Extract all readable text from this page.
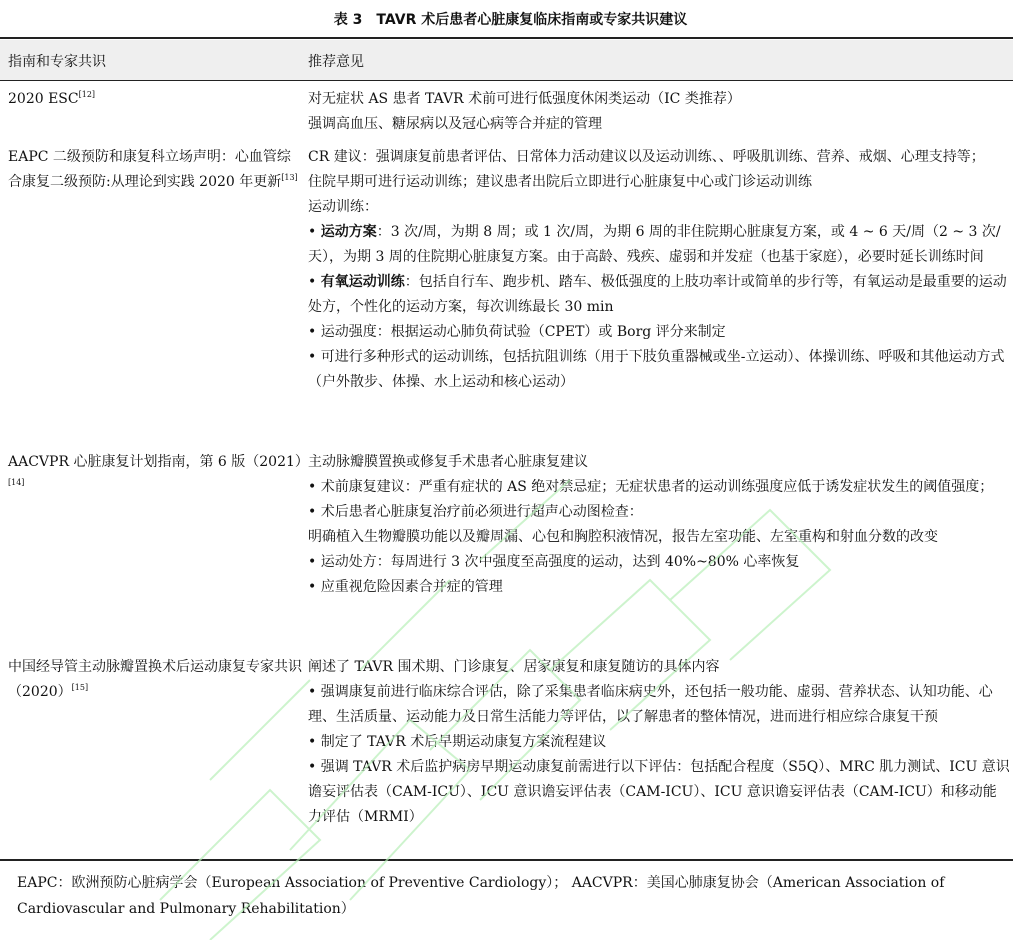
表 3 TAVR 术后患者心脏康复临床指南或专家共识建议
指南和专家共识	推荐意见
2020 ESC[12]	对无症状 AS 患者 TAVR 术前可进行低强度休闲类运动（ⅠC 类推荐）

强调高血压、糖尿病以及冠心病等合并症的管理

EAPC 二级预防和康复科立场声明：心血管综合康复二级预防:从理论到实践 2020 年更新[13]

CR 建议：强调康复前患者评估、日常体力活动建议以及运动训练、、呼吸肌训练、营养、戒烟、心理支持等；

住院早期可进行运动训练；建议患者出院后立即进行心脏康复中心或门诊运动训练

运动训练：

• 运动方案：3 次/周，为期 8 周；或 1 次/周，为期 6 周的非住院期心脏康复方案，或 4 ~ 6 天/周（2 ~ 3 次/天），为期 3 周的住院期心脏康复方案。由于高龄、残疾、虚弱和并发症（也基于家庭），必要时延长训练时间

• 有氧运动训练：包括自行车、跑步机、踏车、极低强度的上肢功率计或简单的步行等，有氧运动是最重要的运动处方，个性化的运动方案，每次训练最长 30 min

• 运动强度：根据运动心肺负荷试验（CPET）或 Borg 评分来制定

• 可进行多种形式的运动训练，包括抗阻训练（用于下肢负重器械或坐-立运动）、体操训练、呼吸和其他运动方式（户外散步、体操、水上运动和核心运动）

AACVPR 心脏康复计划指南，第 6 版（2021）[14]

主动脉瓣膜置换或修复手术患者心脏康复建议

• 术前康复建议：严重有症状的 AS 绝对禁忌症；无症状患者的运动训练强度应低于诱发症状发生的阈值强度；

• 术后患者心脏康复治疗前必须进行超声心动图检查：

明确植入生物瓣膜功能以及瓣周漏、心包和胸腔积液情况，报告左室功能、左室重构和射血分数的改变

• 运动处方：每周进行 3 次中强度至高强度的运动，达到 40%~80% 心率恢复

• 应重视危险因素合并症的管理

中国经导管主动脉瓣置换术后运动康复专家共识（2020）[15]

阐述了 TAVR 围术期、门诊康复、居家康复和康复随访的具体内容

• 强调康复前进行临床综合评估，除了采集患者临床病史外，还包括一般功能、虚弱、营养状态、认知功能、心理、生活质量、运动能力及日常生活能力等评估，以了解患者的整体情况，进而进行相应综合康复干预

• 制定了 TAVR 术后早期运动康复方案流程建议

• 强调 TAVR 术后监护病房早期运动康复前需进行以下评估：包括配合程度（S5Q）、MRC 肌力测试、ICU 意识谵妄评估表（CAM-ICU）、ICU 意识谵妄评估表（CAM-ICU）、ICU 意识谵妄评估表（CAM-ICU）和移动能力评估（MRMI）

EAPC：欧洲预防心脏病学会（European Association of Preventive Cardiology）； AACVPR：美国心肺康复协会（American Association of Cardiovascular and Pulmonary Rehabilitation）
